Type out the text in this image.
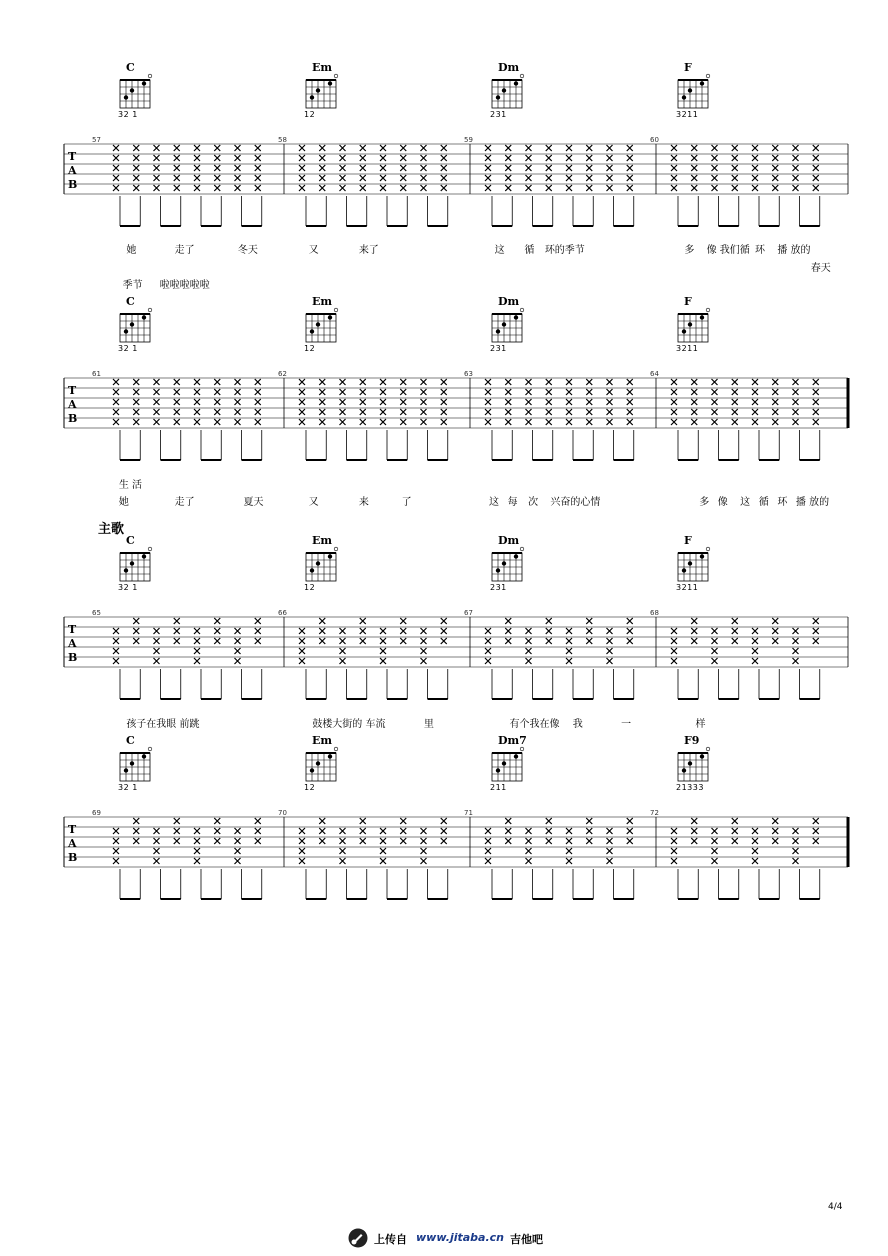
T
A
B
57
C
32 1
58
Em
12
59
Dm
231
60
F
3211
她	走了	冬天	又	来了	这 循 环的季节	多 像 我们循 环 播 放的
春天
季节 啦啦啦啦啦
T
A
B
61
C
32 1
62
Em
12
63
Dm
231
64
F
3211
生 活
她	走了	夏天	又	来	了	这 每 次 兴奋的心情	多 像 这 循 环 播 放的
T
A
B
65
C
32 1
66
Em
12
67
Dm
231
68
F
3211
孩子在我眼 前跳	鼓楼大街的 车流	里	有个我在像 我	一	样
T
A
B
69
C
32 1
70
Em
12
71
Dm7
211
72
F9
21333
主歌
4/4
上传自 www.jitaba.cn 吉他吧
